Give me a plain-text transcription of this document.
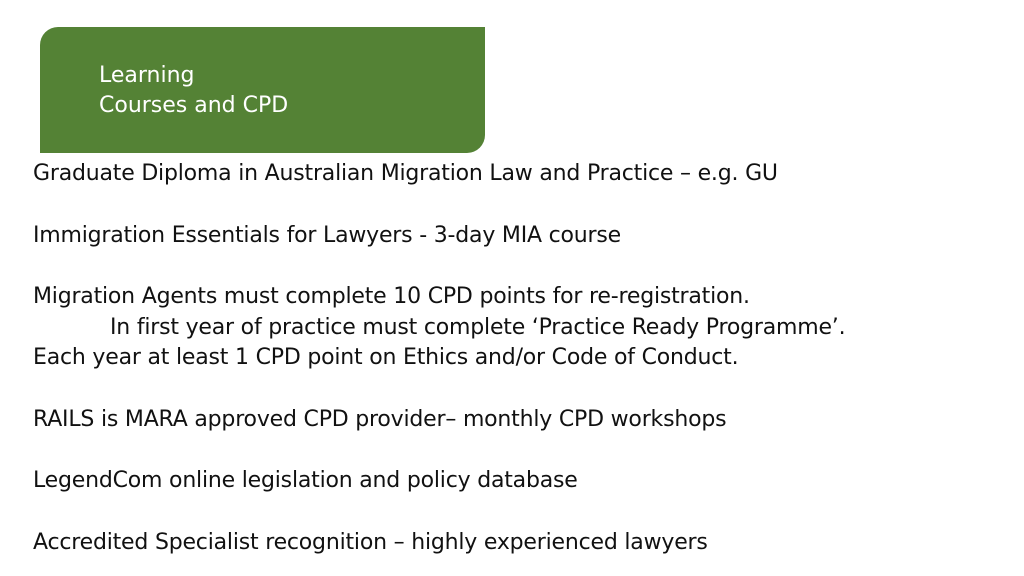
Learning
Courses and CPD
Graduate Diploma in Australian Migration Law and Practice – e.g. GU
Immigration Essentials for Lawyers - 3-day MIA course
Migration Agents must complete 10 CPD points for re-registration.
In first year of practice must complete ‘Practice Ready Programme’.
Each year at least 1 CPD point on Ethics and/or Code of Conduct.
RAILS is MARA approved CPD provider– monthly CPD workshops
LegendCom online legislation and policy database
Accredited Specialist recognition – highly experienced lawyers
